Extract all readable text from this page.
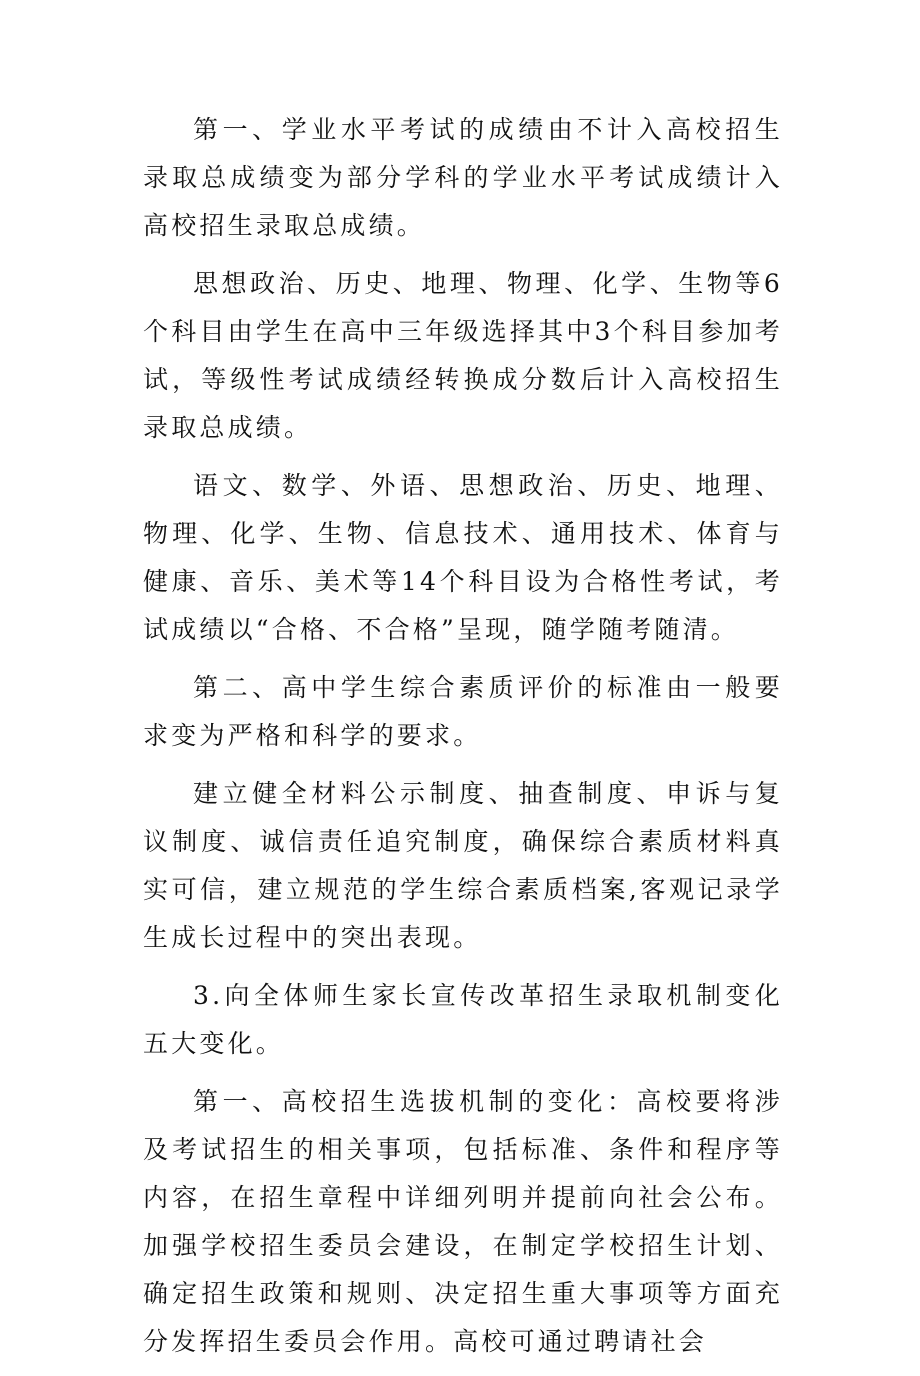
第一、学业水平考试的成绩由不计入高校招生录取总成绩变为部分学科的学业水平考试成绩计入高校招生录取总成绩。

思想政治、历史、地理、物理、化学、生物等6个科目由学生在高中三年级选择其中3个科目参加考试，等级性考试成绩经转换成分数后计入高校招生录取总成绩。

语文、数学、外语、思想政治、历史、地理、物理、化学、生物、信息技术、通用技术、体育与健康、音乐、美术等14个科目设为合格性考试，考试成绩以“合格、不合格”呈现，随学随考随清。

第二、高中学生综合素质评价的标准由一般要求变为严格和科学的要求。

建立健全材料公示制度、抽查制度、申诉与复议制度、诚信责任追究制度，确保综合素质材料真实可信，建立规范的学生综合素质档案,客观记录学生成长过程中的突出表现。

3.向全体师生家长宣传改革招生录取机制变化五大变化。

第一、高校招生选拔机制的变化：高校要将涉及考试招生的相关事项，包括标准、条件和程序等内容，在招生章程中详细列明并提前向社会公布。加强学校招生委员会建设，在制定学校招生计划、确定招生政策和规则、决定招生重大事项等方面充分发挥招生委员会作用。高校可通过聘请社会
